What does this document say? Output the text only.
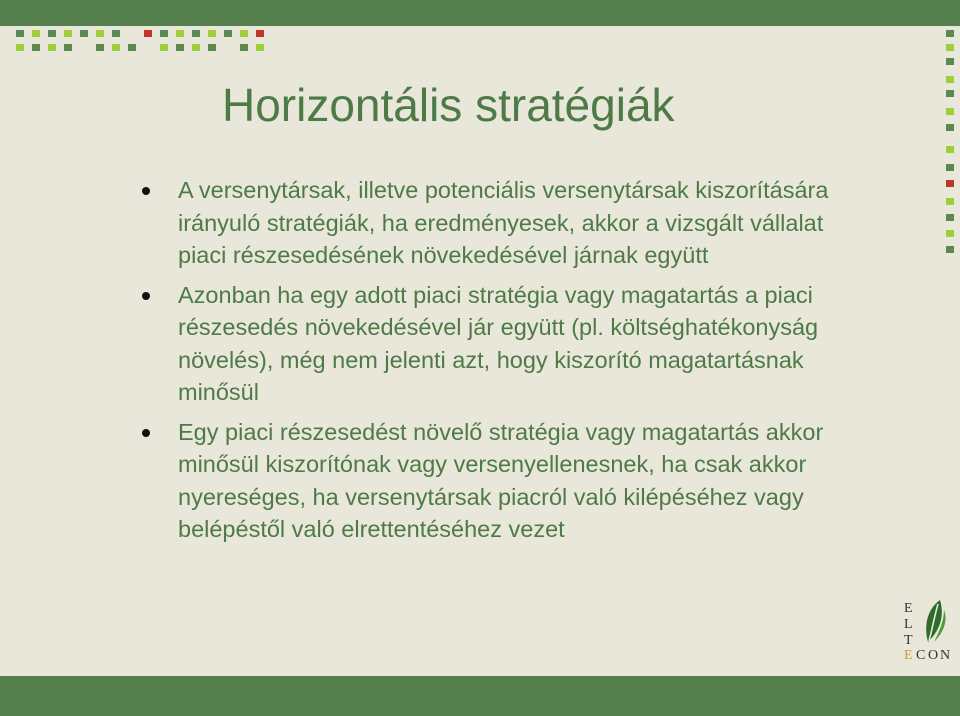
Horizontális stratégiák
A versenytársak, illetve potenciális versenytársak kiszorítására irányuló stratégiák, ha eredményesek, akkor a vizsgált vállalat piaci részesedésének növekedésével járnak együtt
Azonban ha egy adott piaci stratégia vagy magatartás a piaci részesedés növekedésével jár együtt (pl. költséghatékonyság növelés), még nem jelenti azt, hogy kiszorító magatartásnak minősül
Egy piaci részesedést növelő stratégia vagy magatartás akkor minősül kiszorítónak vagy versenyellenesnek, ha csak akkor nyereséges, ha versenytársak piacról való kilépéséhez vagy belépéstől való elrettentéséhez vezet
E
L
T
E C O N
